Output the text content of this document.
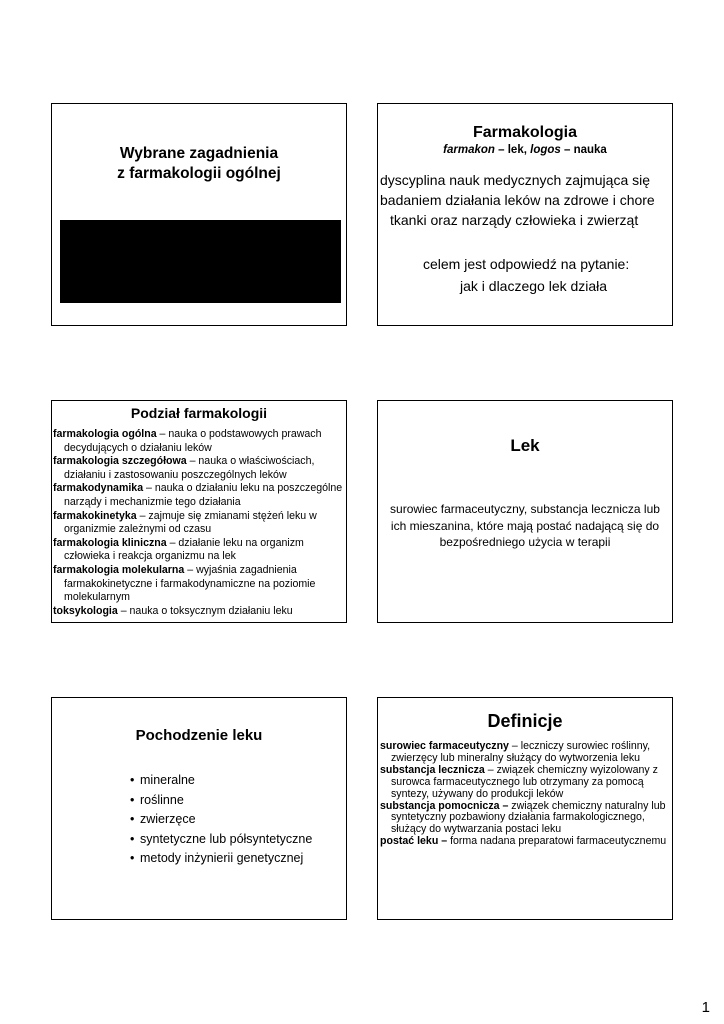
Wybrane zagadnienia
z farmakologii ogólnej
Farmakologia
farmakon – lek, logos – nauka
dyscyplina nauk medycznych zajmująca się
badaniem działania leków na zdrowe i chore
tkanki oraz narządy człowieka i zwierząt
celem jest odpowiedź na pytanie:
jak i dlaczego lek działa
Podział farmakologii

farmakologia ogólna – nauka o podstawowych prawach decydujących o działaniu leków

farmakologia szczegółowa – nauka o właściwościach, działaniu i zastosowaniu poszczególnych leków

farmakodynamika – nauka o działaniu leku na poszczególne narządy i mechanizmie tego działania

farmakokinetyka – zajmuje się zmianami stężeń leku w organizmie zależnymi od czasu

farmakologia kliniczna – działanie leku na organizm człowieka i reakcja organizmu na lek

farmakologia molekularna – wyjaśnia zagadnienia farmakokinetyczne i farmakodynamiczne na poziomie molekularnym

toksykologia – nauka o toksycznym działaniu leku

Lek
surowiec farmaceutyczny, substancja lecznicza lub ich mieszanina, które mają postać nadającą się do bezpośredniego użycia w terapii
Pochodzenie leku
• mineralne
• roślinne
• zwierzęce
• syntetyczne lub półsyntetyczne
• metody inżynierii genetycznej
Definicje

surowiec farmaceutyczny – leczniczy surowiec roślinny, zwierzęcy lub mineralny służący do wytworzenia leku

substancja lecznicza – związek chemiczny wyizolowany z surowca farmaceutycznego lub otrzymany za pomocą syntezy, używany do produkcji leków

substancja pomocnicza – związek chemiczny naturalny lub syntetyczny pozbawiony działania farmakologicznego, służący do wytwarzania postaci leku

postać leku – forma nadana preparatowi farmaceutycznemu

1
